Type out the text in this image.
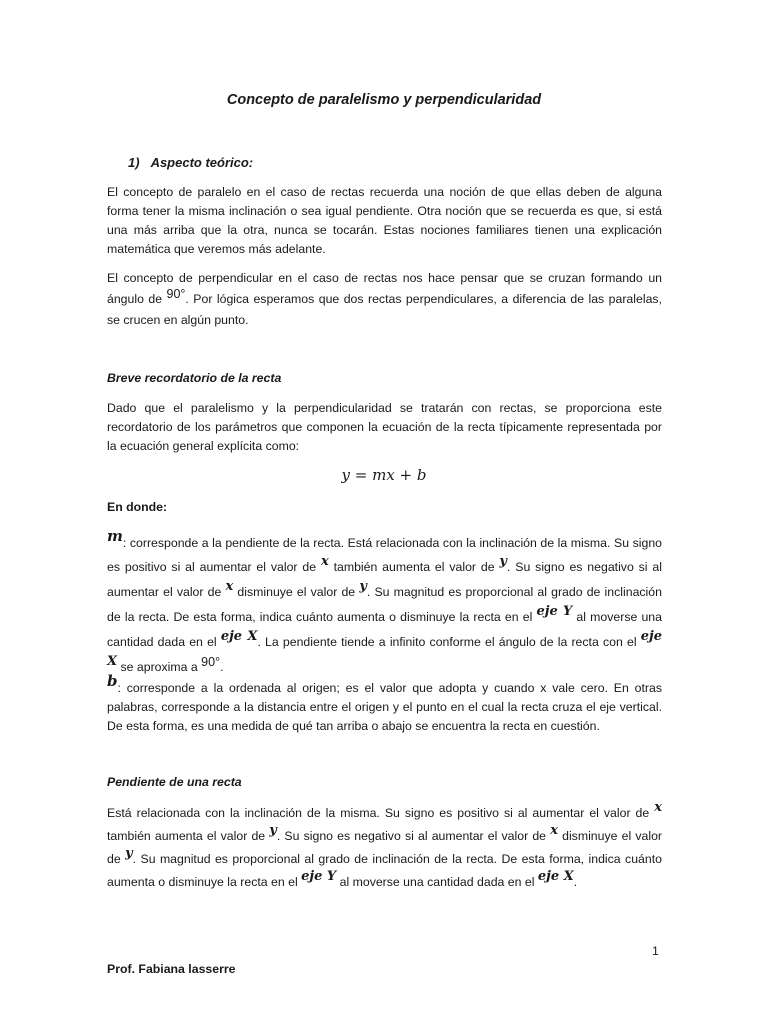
Concepto de paralelismo y perpendicularidad
1) Aspecto teórico:

El concepto de paralelo en el caso de rectas recuerda una noción de que ellas deben de alguna forma tener la misma inclinación o sea igual pendiente. Otra noción que se recuerda es que, si está una más arriba que la otra, nunca se tocarán. Estas nociones familiares tienen una explicación matemática que veremos más adelante.

El concepto de perpendicular en el caso de rectas nos hace pensar que se cruzan formando un ángulo de 90°. Por lógica esperamos que dos rectas perpendiculares, a diferencia de las paralelas, se crucen en algún punto.

Breve recordatorio de la recta

Dado que el paralelismo y la perpendicularidad se tratarán con rectas, se proporciona este recordatorio de los parámetros que componen la ecuación de la recta típicamente representada por la ecuación general explícita como:

y = mx + b
En donde:

m: corresponde a la pendiente de la recta. Está relacionada con la inclinación de la misma. Su signo es positivo si al aumentar el valor de x también aumenta el valor de y. Su signo es negativo si al aumentar el valor de x disminuye el valor de y. Su magnitud es proporcional al grado de inclinación de la recta. De esta forma, indica cuánto aumenta o disminuye la recta en el eje Y al moverse una cantidad dada en el eje X. La pendiente tiende a infinito conforme el ángulo de la recta con el eje X se aproxima a 90°.

b: corresponde a la ordenada al origen; es el valor que adopta y cuando x vale cero. En otras palabras, corresponde a la distancia entre el origen y el punto en el cual la recta cruza el eje vertical. De esta forma, es una medida de qué tan arriba o abajo se encuentra la recta en cuestión.

Pendiente de una recta

Está relacionada con la inclinación de la misma. Su signo es positivo si al aumentar el valor de x también aumenta el valor de y. Su signo es negativo si al aumentar el valor de x disminuye el valor de y. Su magnitud es proporcional al grado de inclinación de la recta. De esta forma, indica cuánto aumenta o disminuye la recta en el eje Y al moverse una cantidad dada en el eje X.

1
Prof. Fabiana lasserre
